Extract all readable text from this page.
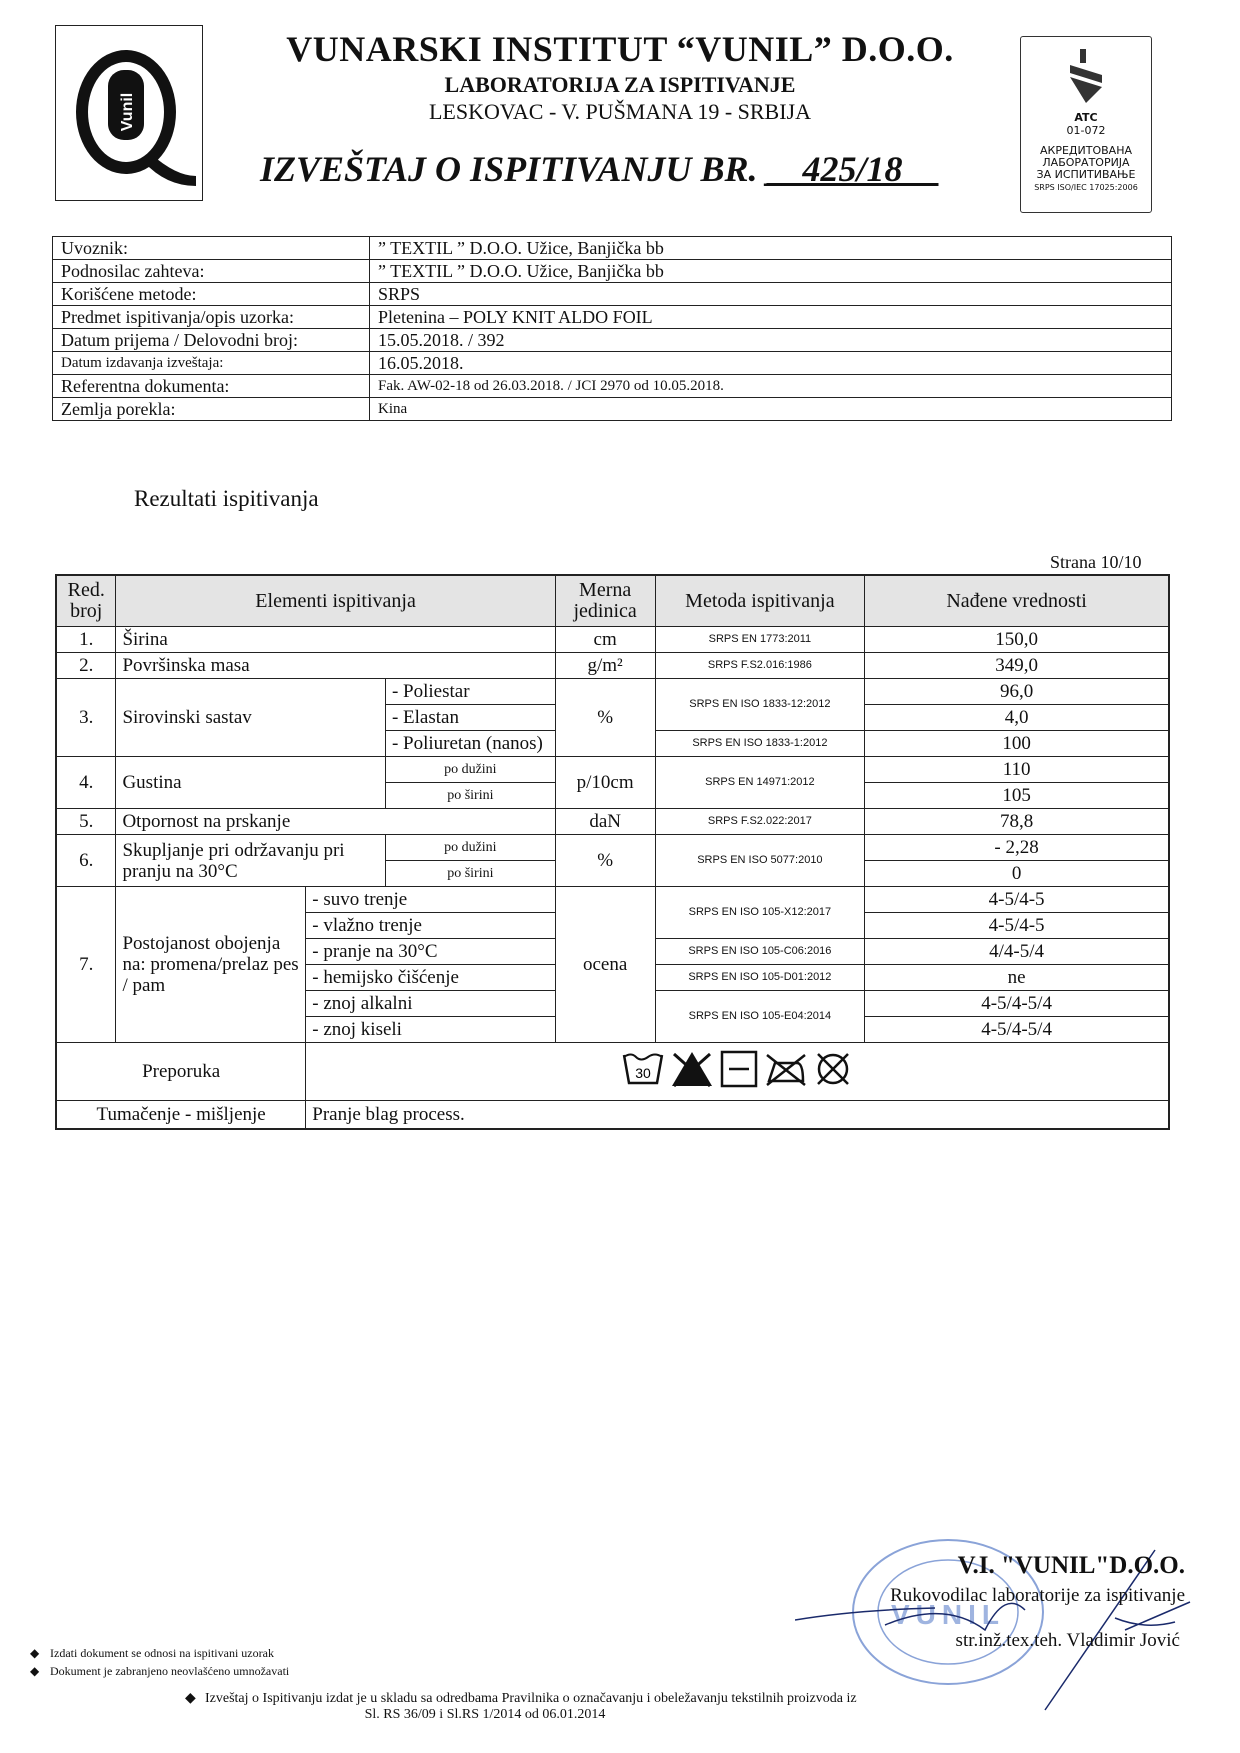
Vunil
VUNARSKI INSTITUT “VUNIL” D.O.O.
LABORATORIJA ZA ISPITIVANJE
LESKOVAC - V. PUŠMANA 19 - SRBIJA
IZVEŠTAJ O ISPITIVANJU BR. __425/18__
ATC
01-072
АКРЕДИТОВАНА
ЛАБОРАТОРИЈА
ЗА ИСПИТИВАЊЕ
SRPS ISO/IEC 17025:2006
Uvoznik:	” TEXTIL ” D.O.O. Užice, Banjička bb
Podnosilac zahteva:	” TEXTIL ” D.O.O. Užice, Banjička bb
Korišćene metode:	SRPS
Predmet ispitivanja/opis uzorka:	Pletenina – POLY KNIT ALDO FOIL
Datum prijema / Delovodni broj:	15.05.2018. / 392
Datum izdavanja izveštaja:	16.05.2018.
Referentna dokumenta:	Fak. AW-02-18 od 26.03.2018. / JCI 2970 od 10.05.2018.
Zemlja porekla:	Kina
Rezultati ispitivanja
Strana 10/10
Red. broj	Elementi ispitivanja			Merna jedinica	Metoda ispitivanja	Nađene vrednosti
1.	Širina			cm	SRPS EN 1773:2011	150,0
2.	Površinska masa			g/m²	SRPS F.S2.016:1986	349,0
3.	Sirovinski sastav		- Poliestar	%	SRPS EN ISO 1833-12:2012	96,0
			- Elastan			4,0
			- Poliuretan (nanos)		SRPS EN ISO 1833-1:2012	100
4.	Gustina		po dužini	p/10cm	SRPS EN 14971:2012	110
			po širini			105
5.	Otpornost na prskanje			daN	SRPS F.S2.022:2017	78,8
6.	Skupljanje pri održavanju pri pranju na 30°C		po dužini	%	SRPS EN ISO 5077:2010	- 2,28
			po širini			0
7.	Postojanost obojenja na: promena/prelaz pes / pam	- suvo trenje		ocena	SRPS EN ISO 105-X12:2017	4-5/4-5
		- vlažno trenje				4-5/4-5
		- pranje na 30°C			SRPS EN ISO 105-C06:2016	4/4-5/4
		- hemijsko čišćenje			SRPS EN ISO 105-D01:2012	ne
		- znoj alkalni			SRPS EN ISO 105-E04:2014	4-5/4-5/4
		- znoj kiseli				4-5/4-5/4
Preporuka		30				

Tumačenje - mišljenje		Pranje blag process.				
VUNIL
V.I. "VUNIL"D.O.O.
Rukovodilac laboratorije za ispitivanje
str.inž.tex.teh. Vladimir Jović
◆ Izdati dokument se odnosi na ispitivani uzorak
◆ Dokument je zabranjeno neovlašćeno umnožavati
◆ Izveštaj o Ispitivanju izdat je u skladu sa odredbama Pravilnika o označavanju i obeležavanju tekstilnih proizvoda iz
Sl. RS 36/09 i Sl.RS 1/2014 od 06.01.2014
